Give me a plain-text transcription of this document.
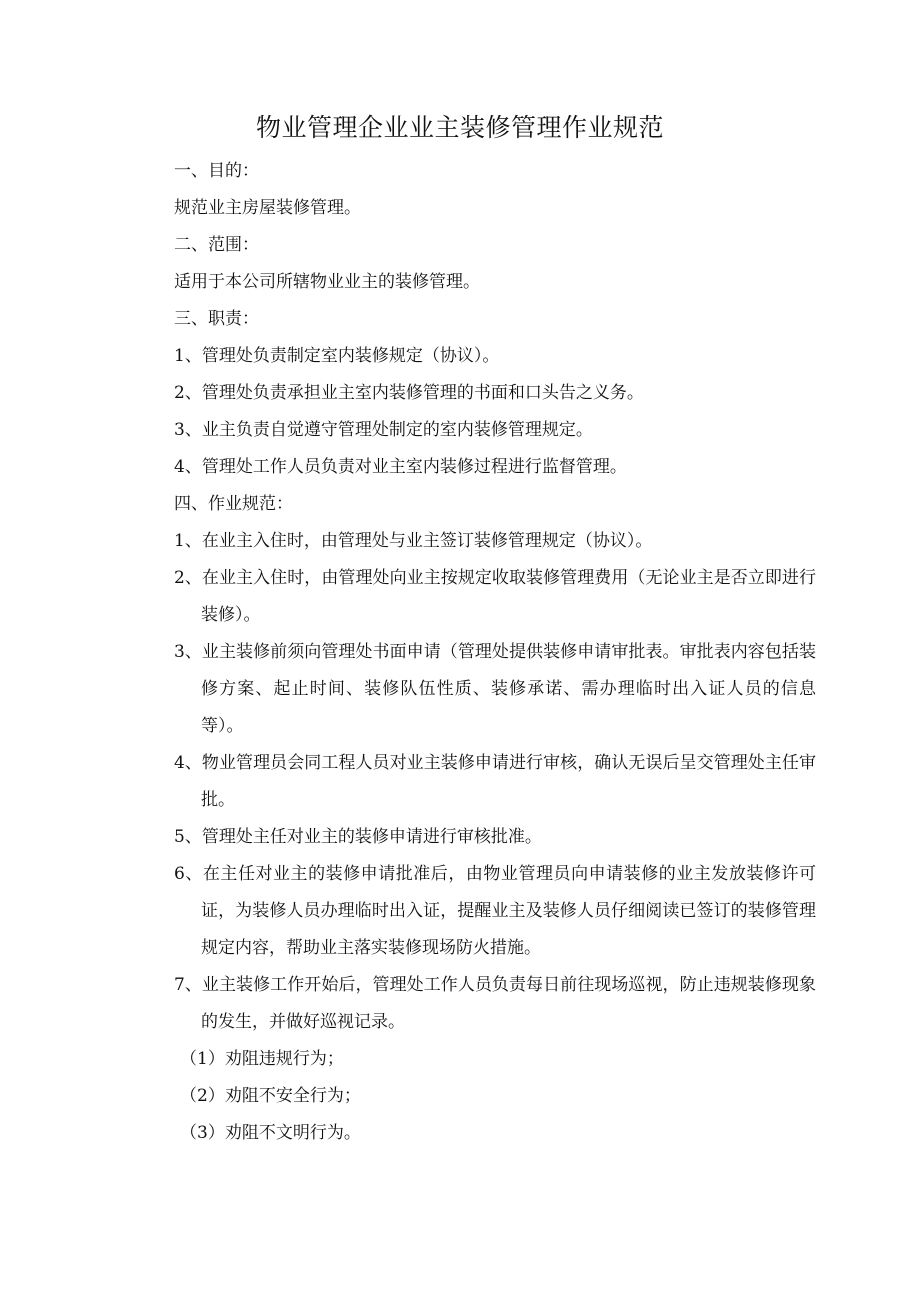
物业管理企业业主装修管理作业规范
一、目的：
规范业主房屋装修管理。
二、范围：
适用于本公司所辖物业业主的装修管理。
三、职责：
1、管理处负责制定室内装修规定（协议）。
2、管理处负责承担业主室内装修管理的书面和口头告之义务。
3、业主负责自觉遵守管理处制定的室内装修管理规定。
4、管理处工作人员负责对业主室内装修过程进行监督管理。
四、作业规范：
1、在业主入住时，由管理处与业主签订装修管理规定（协议）。
2、在业主入住时，由管理处向业主按规定收取装修管理费用（无论业主是否立即进行装修）。
3、业主装修前须向管理处书面申请（管理处提供装修申请审批表。审批表内容包括装修方案、起止时间、装修队伍性质、装修承诺、需办理临时出入证人员的信息等）。
4、物业管理员会同工程人员对业主装修申请进行审核，确认无误后呈交管理处主任审批。
5、管理处主任对业主的装修申请进行审核批准。
6、在主任对业主的装修申请批准后，由物业管理员向申请装修的业主发放装修许可证，为装修人员办理临时出入证，提醒业主及装修人员仔细阅读已签订的装修管理规定内容，帮助业主落实装修现场防火措施。
7、业主装修工作开始后，管理处工作人员负责每日前往现场巡视，防止违规装修现象的发生，并做好巡视记录。
（1）劝阻违规行为；
（2）劝阻不安全行为；
（3）劝阻不文明行为。
